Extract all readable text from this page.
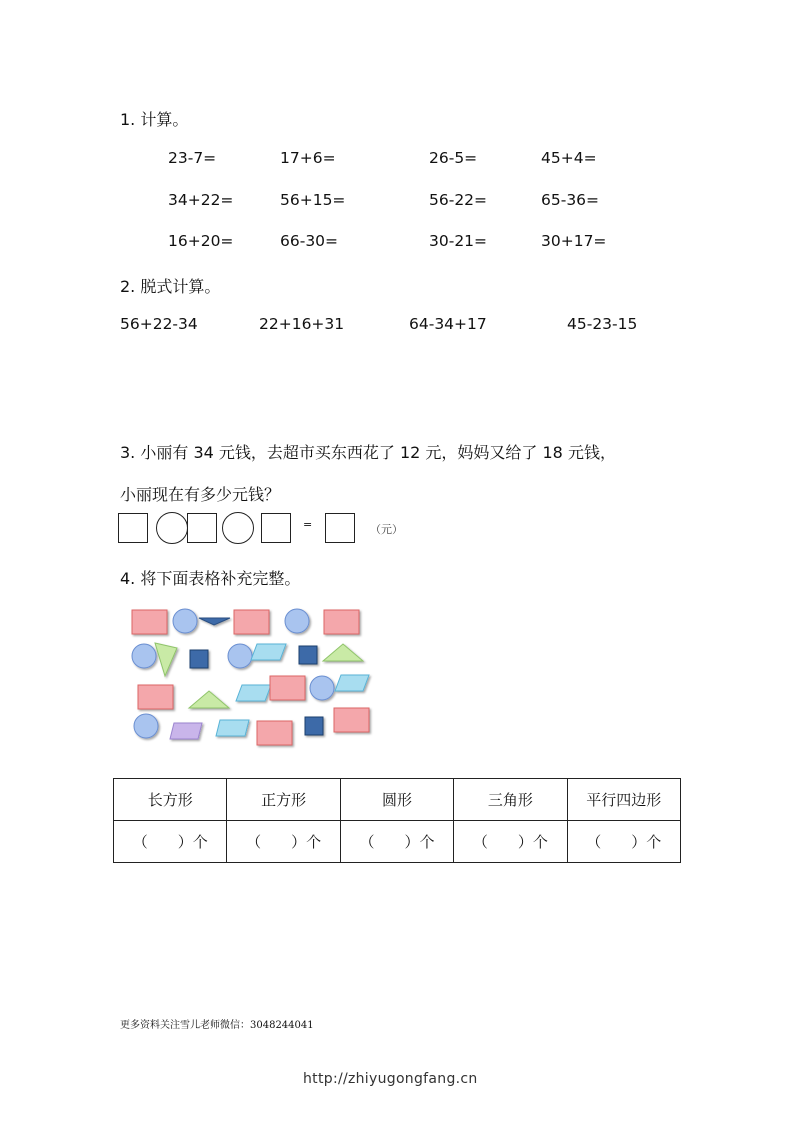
1. 计算。
23-7=	17+6=	26-5=	45+4=
34+22=	56+15=	56-22=	65-36=
16+20=	66-30=	30-21=	30+17=
2. 脱式计算。
56+22-34	22+16+31	64-34+17	45-23-15
3. 小丽有 34 元钱，去超市买东西花了 12 元，妈妈又给了 18 元钱，
小丽现在有多少元钱？
=	（元）
4. 将下面表格补充完整。
长方形	正方形	圆形	三角形	平行四边形
（　　）个	（　　）个	（　　）个	（　　）个	（　　）个
更多资料关注雪儿老师微信：3048244041
http://zhiyugongfang.cn
